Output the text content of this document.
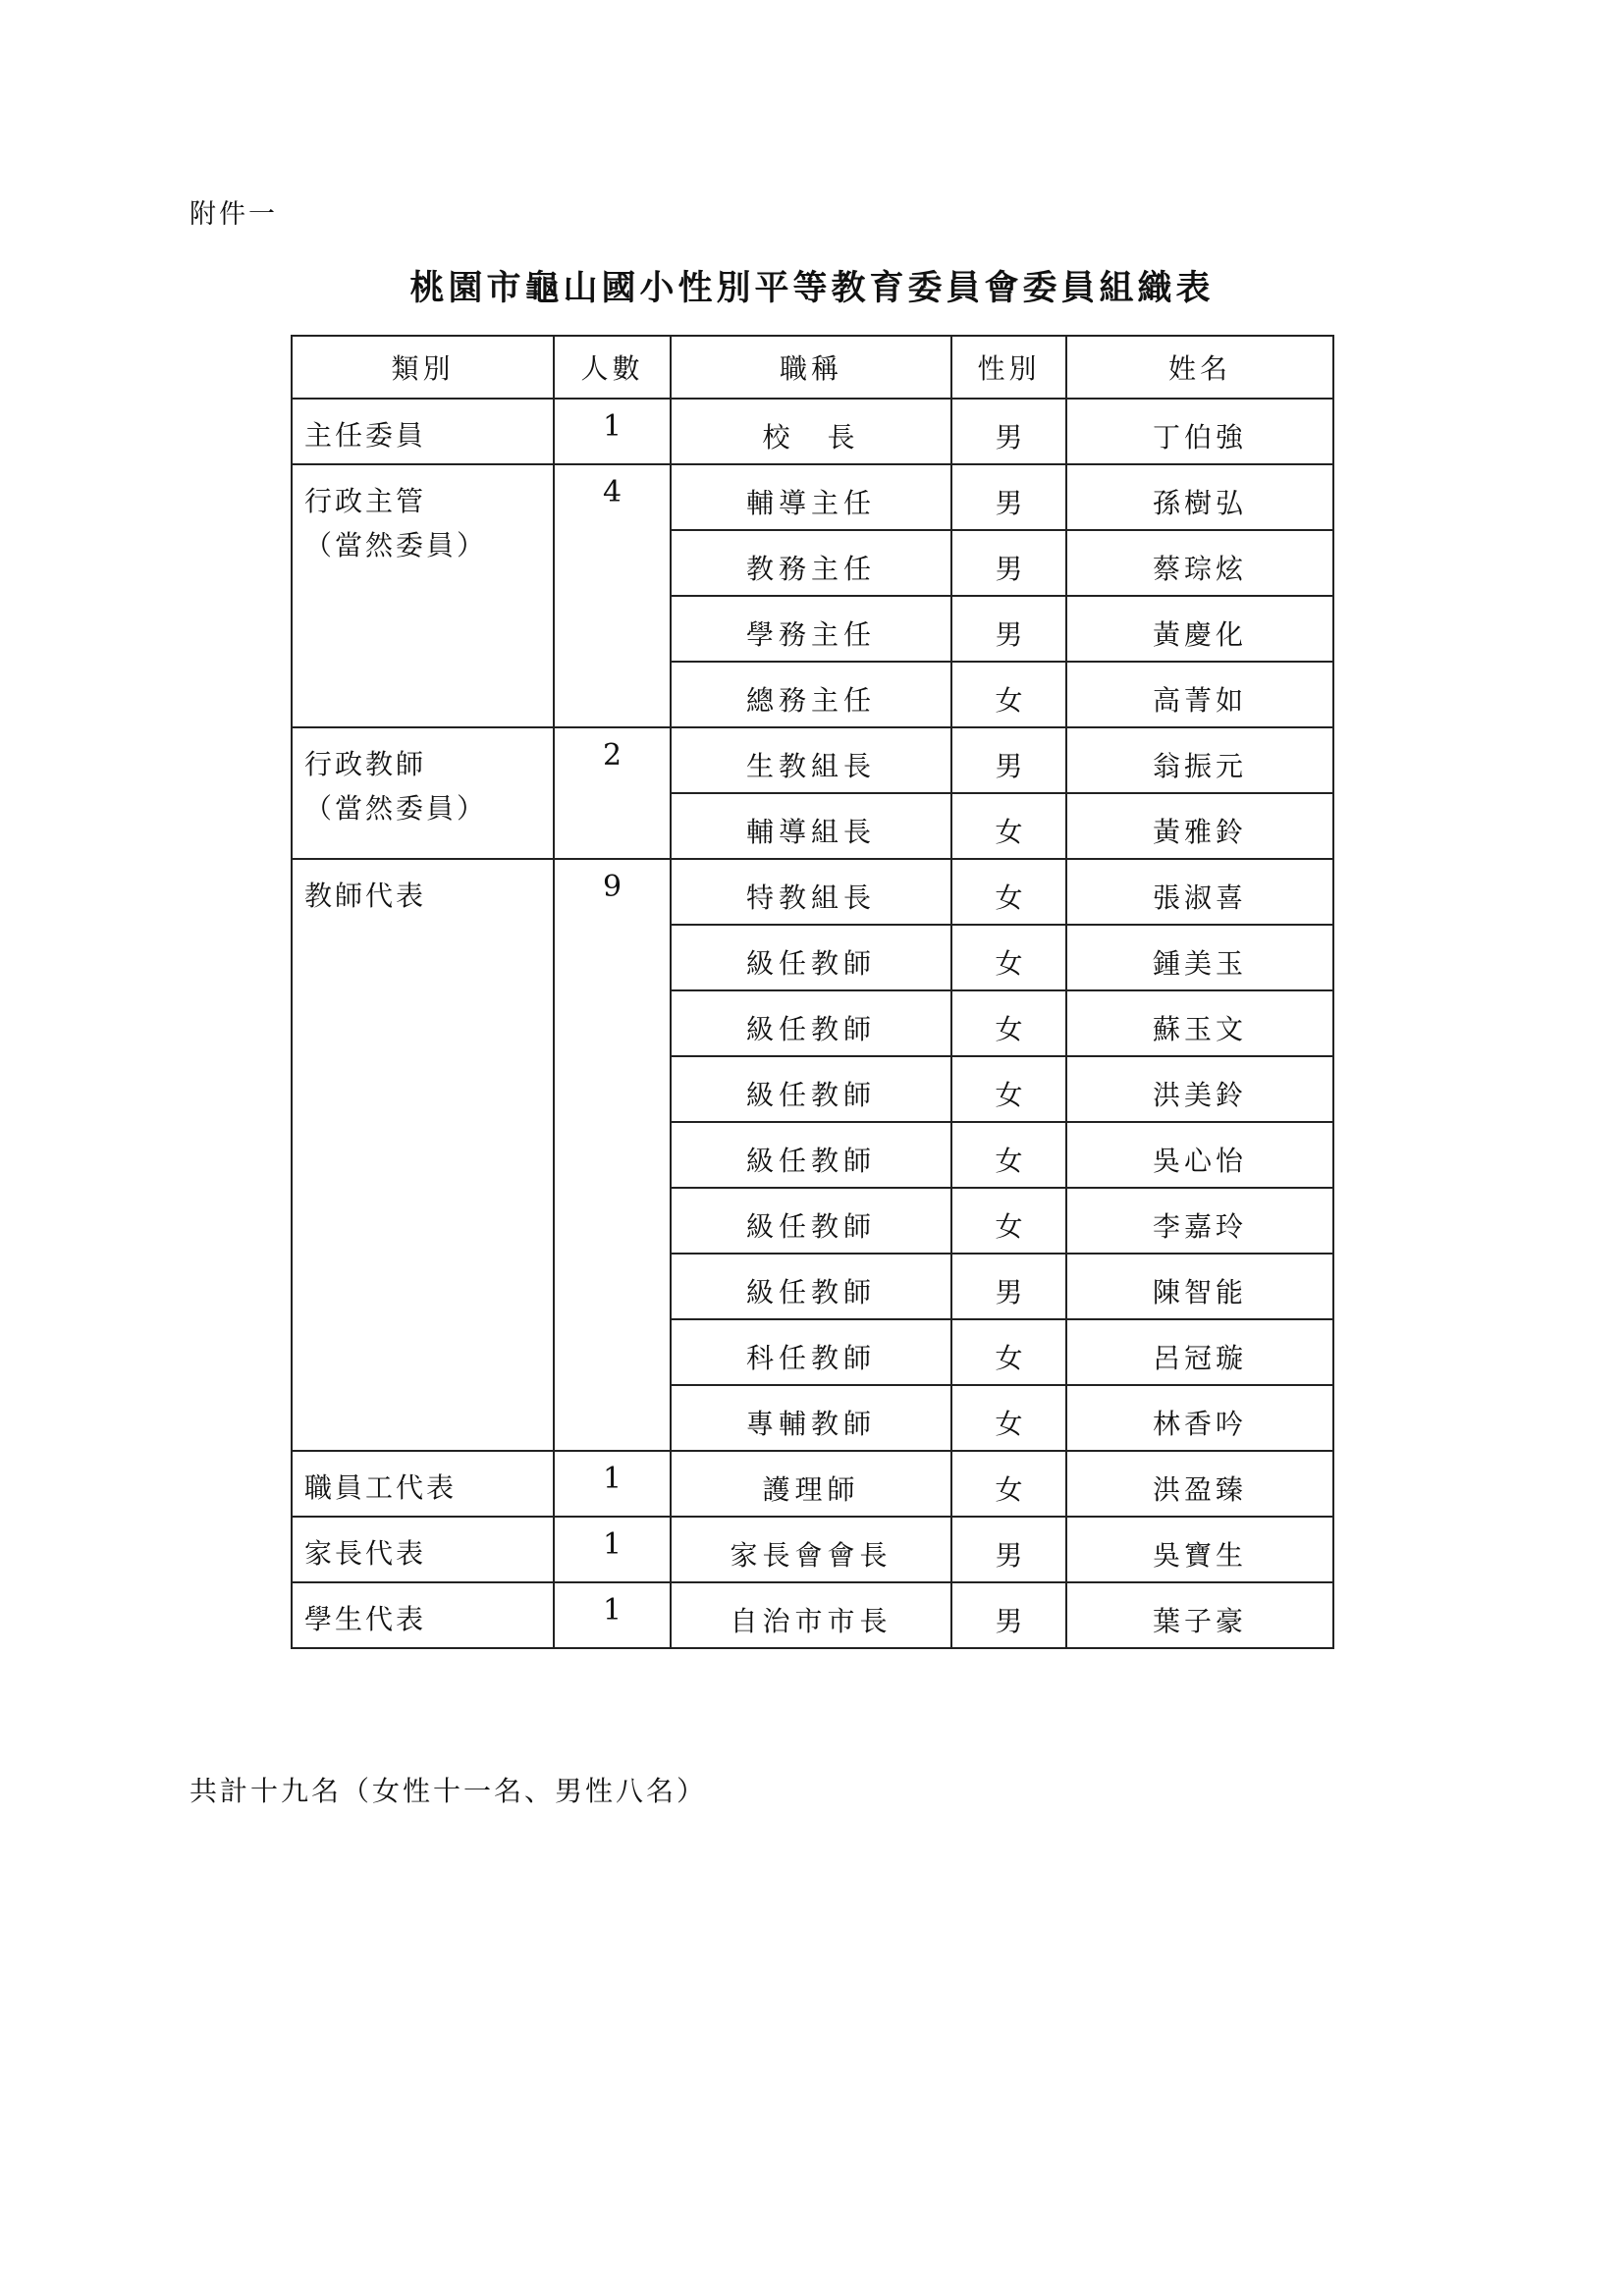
附件一
桃園市龜山國小性別平等教育委員會委員組織表
類別	人數	職稱	性別	姓名

主任委員	1	校　長	男	丁伯強

行政主管
（當然委員）	4	輔導主任	男	孫樹弘
		教務主任	男	蔡琮炫
		學務主任	男	黃慶化
		總務主任	女	高菁如

行政教師
（當然委員）	2	生教組長	男	翁振元
		輔導組長	女	黃雅鈴

教師代表	9	特教組長	女	張淑喜
		級任教師	女	鍾美玉
		級任教師	女	蘇玉文
		級任教師	女	洪美鈴
		級任教師	女	吳心怡
		級任教師	女	李嘉玲
		級任教師	男	陳智能
		科任教師	女	呂冠璇
		專輔教師	女	林香吟

職員工代表	1	護理師	女	洪盈臻

家長代表	1	家長會會長	男	吳寶生

學生代表	1	自治市市長	男	葉子豪
共計十九名（女性十一名、男性八名）
